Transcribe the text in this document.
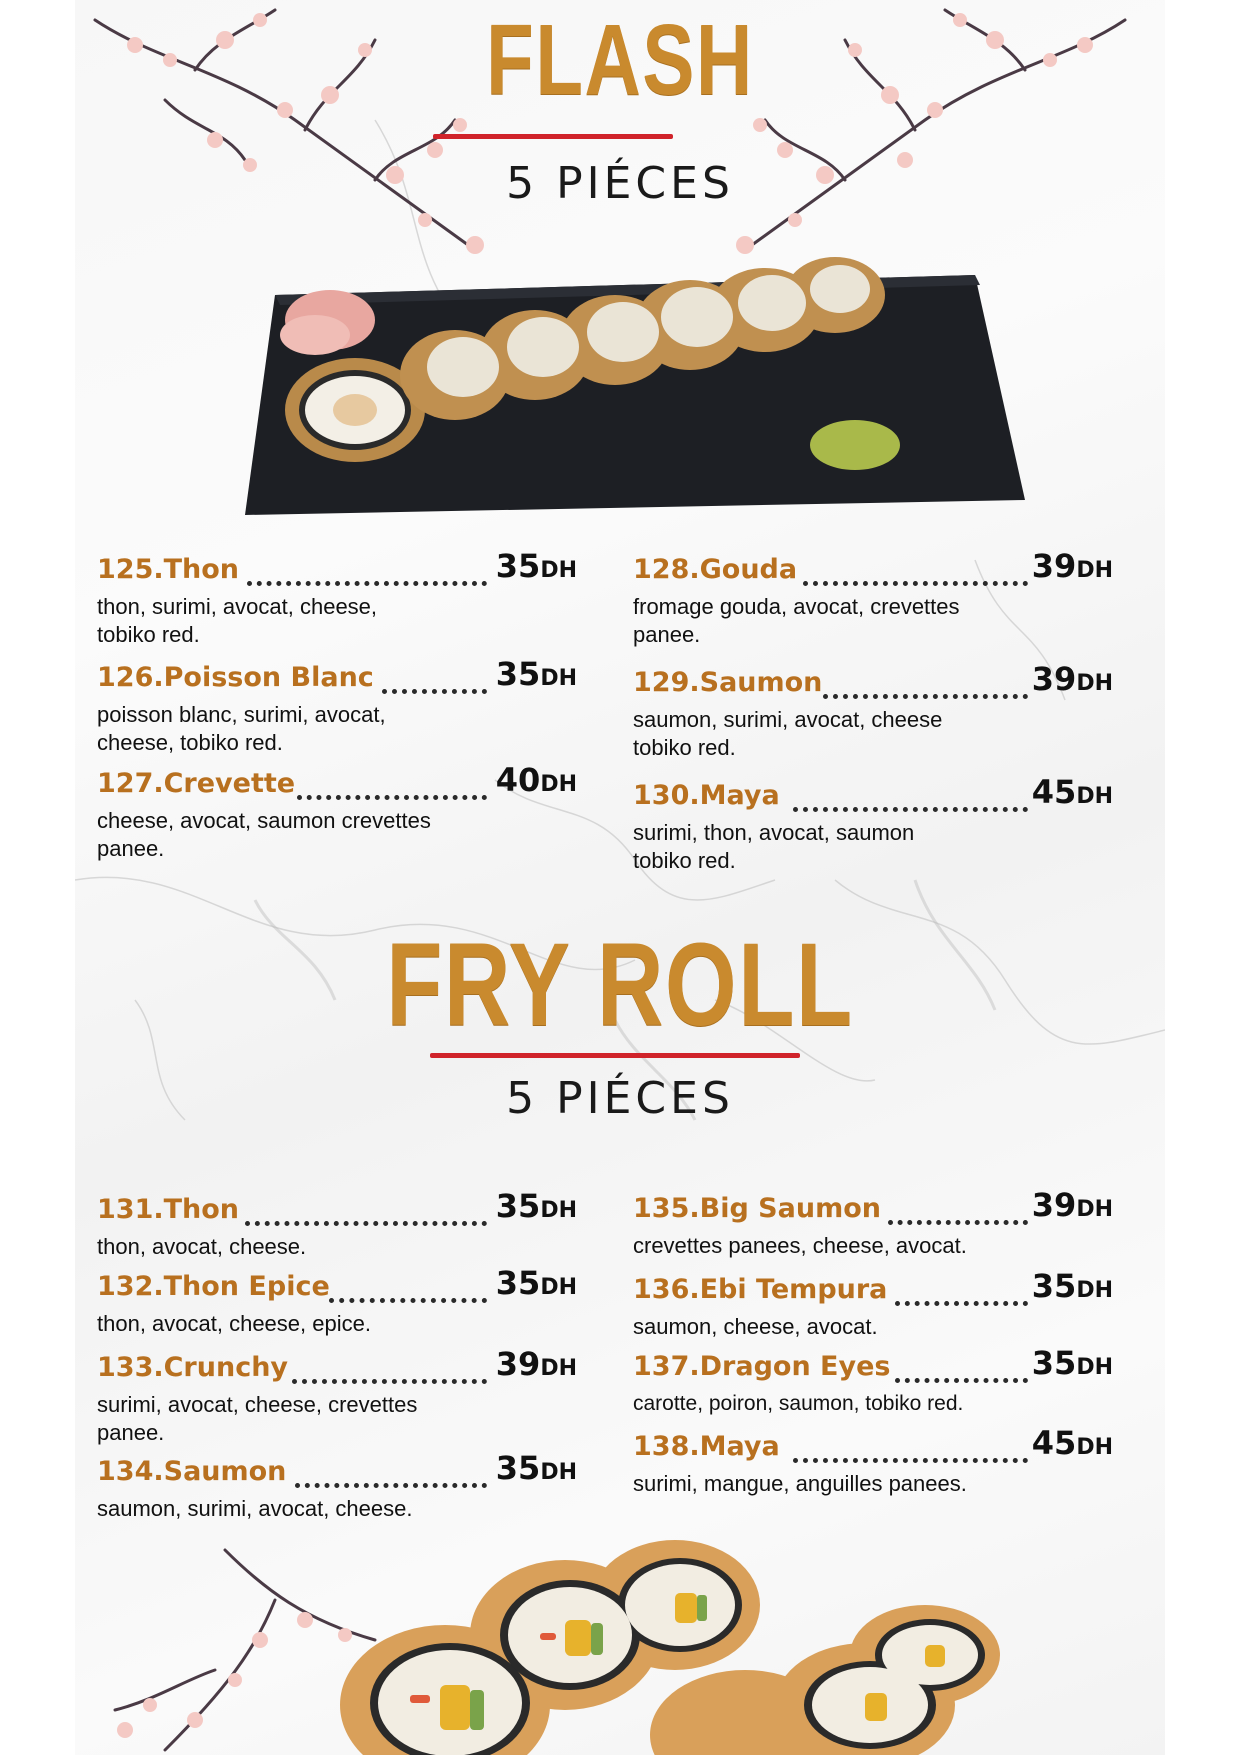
FLASH
5 PIÉCES
125.Thon	35DH
thon, surimi, avocat, cheese, tobiko red.
126.Poisson Blanc	35DH
poisson blanc, surimi, avocat, cheese, tobiko red.
127.Crevette	40DH
cheese, avocat, saumon crevettes panee.
128.Gouda	39DH
fromage gouda, avocat, crevettes panee.
129.Saumon	39DH
saumon, surimi, avocat, cheese tobiko red.
130.Maya	45DH
surimi, thon, avocat, saumon tobiko red.
FRY ROLL
5 PIÉCES
131.Thon	35DH
thon, avocat, cheese.
132.Thon Epice	35DH
thon, avocat, cheese, epice.
133.Crunchy	39DH
surimi, avocat, cheese, crevettes panee.
134.Saumon	35DH
saumon, surimi, avocat, cheese.
135.Big Saumon	39DH
crevettes panees, cheese, avocat.
136.Ebi Tempura	35DH
saumon, cheese, avocat.
137.Dragon Eyes	35DH
carotte, poiron, saumon, tobiko red.
138.Maya	45DH
surimi, mangue, anguilles panees.
